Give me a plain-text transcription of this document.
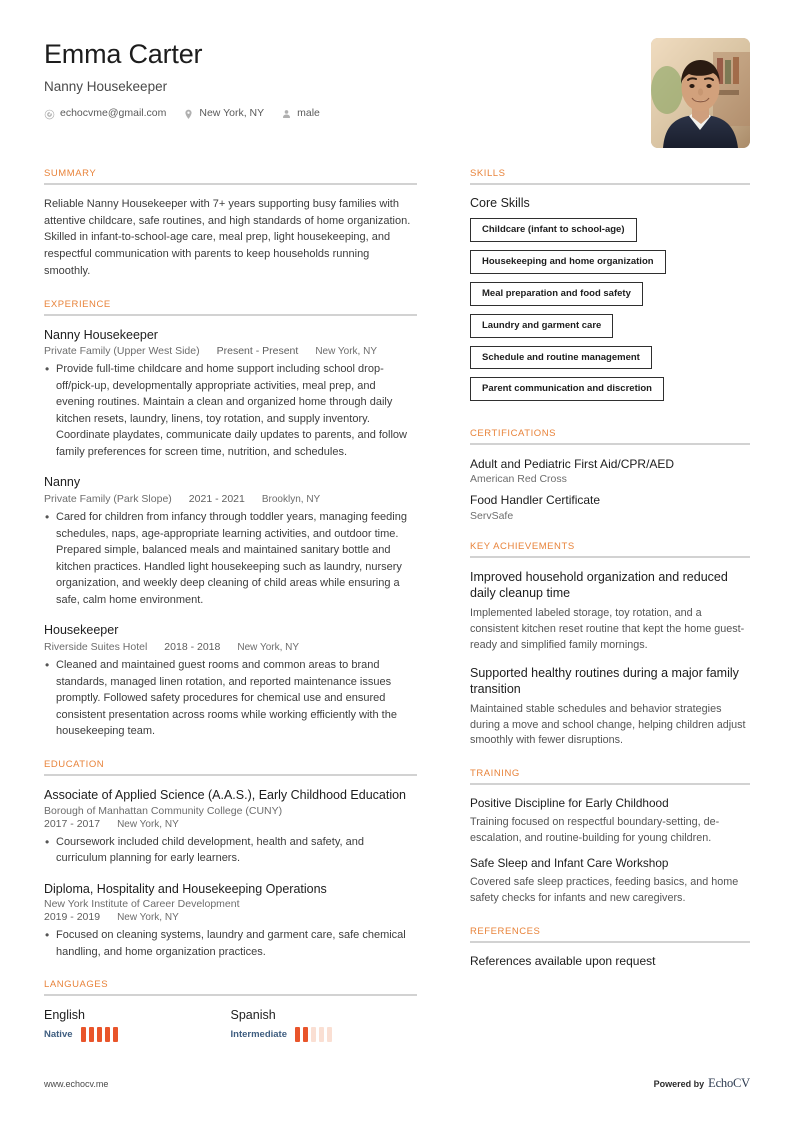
Emma Carter
Nanny Housekeeper
echocvme@gmail.com	New York, NY	male
SUMMARY
Reliable Nanny Housekeeper with 7+ years supporting busy families with attentive childcare, safe routines, and high standards of home organization. Skilled in infant-to-school-age care, meal prep, light housekeeping, and respectful communication with parents to keep households running smoothly.
EXPERIENCE
Nanny Housekeeper
Private Family (Upper West Side) Present - Present New York, NY
• Provide full-time childcare and home support including school drop-off/pick-up, developmentally appropriate activities, meal prep, and evening routines. Maintain a clean and organized home through daily kitchen resets, laundry, linens, toy rotation, and supply inventory. Coordinate playdates, communicate daily updates to parents, and follow family preferences for screen time, nutrition, and schedules.
Nanny
Private Family (Park Slope) 2021 - 2021 Brooklyn, NY
• Cared for children from infancy through toddler years, managing feeding schedules, naps, age-appropriate learning activities, and outdoor time. Prepared simple, balanced meals and maintained sanitary bottle and kitchen practices. Handled light housekeeping such as laundry, nursery organization, and weekly deep cleaning of child areas while ensuring a safe, calm home environment.
Housekeeper
Riverside Suites Hotel 2018 - 2018 New York, NY
• Cleaned and maintained guest rooms and common areas to brand standards, managed linen rotation, and reported maintenance issues promptly. Followed safety procedures for chemical use and ensured consistent presentation across rooms while working efficiently with the housekeeping team.
EDUCATION
Associate of Applied Science (A.A.S.), Early Childhood Education
Borough of Manhattan Community College (CUNY)
2017 - 2017 New York, NY
• Coursework included child development, health and safety, and curriculum planning for early learners.
Diploma, Hospitality and Housekeeping Operations
New York Institute of Career Development
2019 - 2019 New York, NY
• Focused on cleaning systems, laundry and garment care, safe chemical handling, and home organization practices.
LANGUAGES
English
Native
Spanish
Intermediate
SKILLS
Core Skills
Childcare (infant to school-age)
Housekeeping and home organization
Meal preparation and food safety
Laundry and garment care
Schedule and routine management
Parent communication and discretion
CERTIFICATIONS
Adult and Pediatric First Aid/CPR/AED
American Red Cross
Food Handler Certificate
ServSafe
KEY ACHIEVEMENTS
Improved household organization and reduced daily cleanup time
Implemented labeled storage, toy rotation, and a consistent kitchen reset routine that kept the home guest-ready and simplified family mornings.
Supported healthy routines during a major family transition
Maintained stable schedules and behavior strategies during a move and school change, helping children adjust smoothly with fewer disruptions.
TRAINING
Positive Discipline for Early Childhood
Training focused on respectful boundary-setting, de-escalation, and routine-building for young children.
Safe Sleep and Infant Care Workshop
Covered safe sleep practices, feeding basics, and home safety checks for infants and new caregivers.
REFERENCES
References available upon request
www.echocv.me	Powered by EchoCV
